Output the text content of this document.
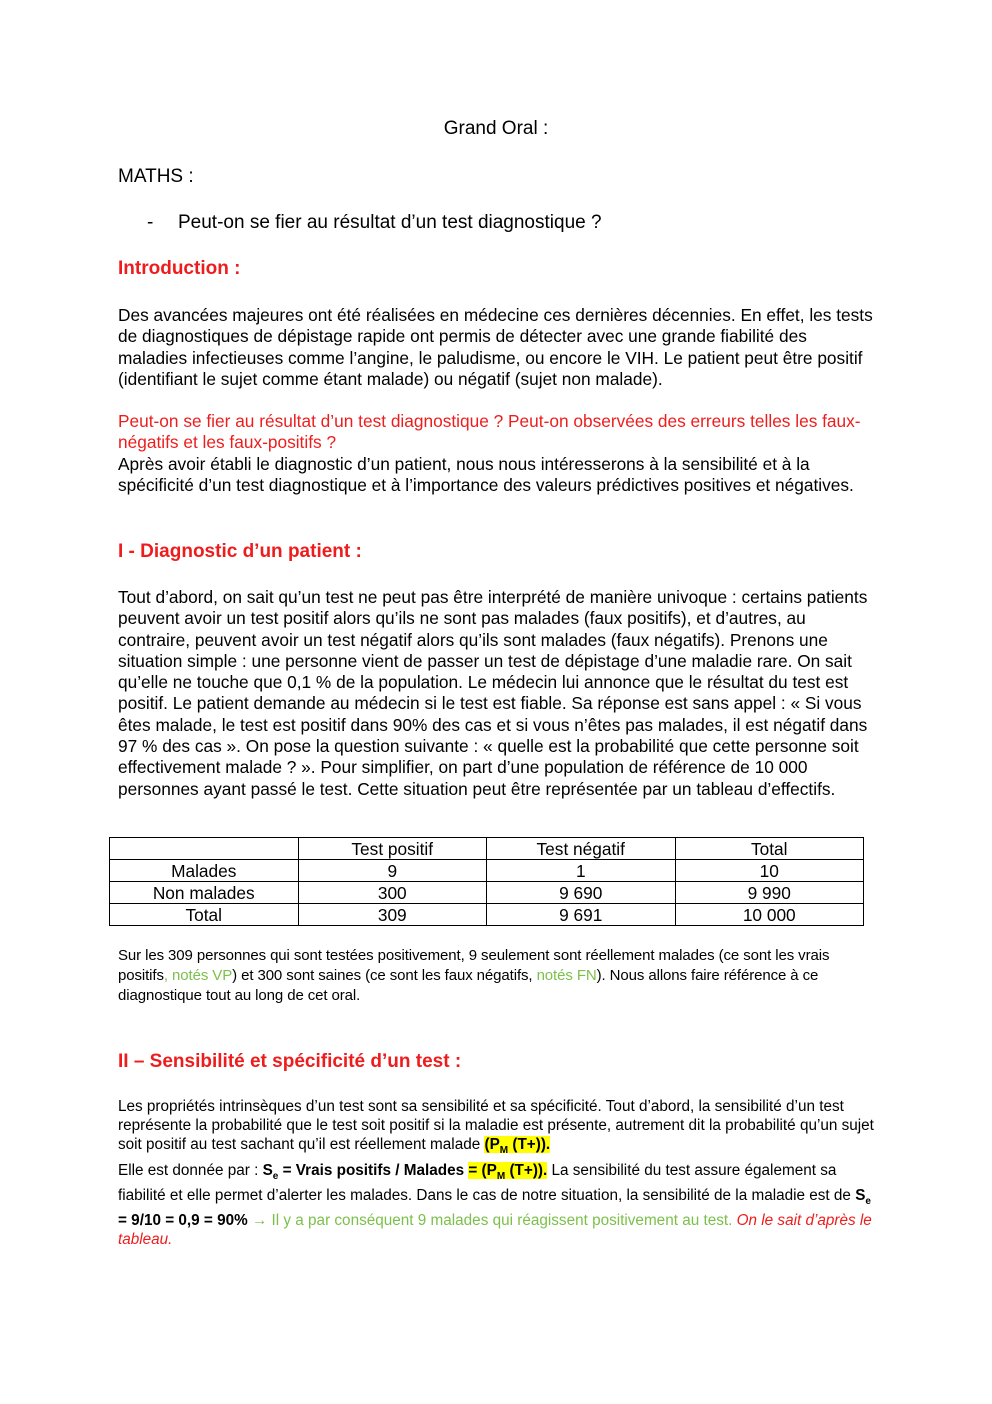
Grand Oral :
MATHS :
- Peut-on se fier au résultat d’un test diagnostique ?
Introduction :

Des avancées majeures ont été réalisées en médecine ces dernières décennies. En effet, les tests de diagnostiques de dépistage rapide ont permis de détecter avec une grande fiabilité des maladies infectieuses comme l’angine, le paludisme, ou encore le VIH. Le patient peut être positif (identifiant le sujet comme étant malade) ou négatif (sujet non malade).

Peut-on se fier au résultat d’un test diagnostique ? Peut-on observées des erreurs telles les faux-négatifs et les faux-positifs ?

Après avoir établi le diagnostic d’un patient, nous nous intéresserons à la sensibilité et à la spécificité d’un test diagnostique et à l’importance des valeurs prédictives positives et négatives.

I - Diagnostic d’un patient :

Tout d’abord, on sait qu’un test ne peut pas être interprété de manière univoque : certains patients peuvent avoir un test positif alors qu’ils ne sont pas malades (faux positifs), et d’autres, au contraire, peuvent avoir un test négatif alors qu’ils sont malades (faux négatifs). Prenons une situation simple : une personne vient de passer un test de dépistage d’une maladie rare. On sait qu’elle ne touche que 0,1 % de la population. Le médecin lui annonce que le résultat du test est positif. Le patient demande au médecin si le test est fiable. Sa réponse est sans appel : « Si vous êtes malade, le test est positif dans 90% des cas et si vous n’êtes pas malades, il est négatif dans 97 % des cas ». On pose la question suivante : « quelle est la probabilité que cette personne soit effectivement malade ? ». Pour simplifier, on part d’une population de référence de 10 000 personnes ayant passé le test. Cette situation peut être représentée par un tableau d’effectifs.

	Test positif	Test négatif	Total
Malades	9	1	10
Non malades	300	9 690	9 990
Total	309	9 691	10 000

Sur les 309 personnes qui sont testées positivement, 9 seulement sont réellement malades (ce sont les vrais positifs, notés VP) et 300 sont saines (ce sont les faux négatifs, notés FN). Nous allons faire référence à ce diagnostique tout au long de cet oral.

II – Sensibilité et spécificité d’un test :

Les propriétés intrinsèques d’un test sont sa sensibilité et sa spécificité. Tout d’abord, la sensibilité d’un test représente la probabilité que le test soit positif si la maladie est présente, autrement dit la probabilité qu’un sujet soit positif au test sachant qu’il est réellement malade ($P_M$ (T+)).
Elle est donnée par : $S_e$ = Vrais positifs / Malades = ($P_M$ (T+)). La sensibilité du test assure également sa fiabilité et elle permet d’alerter les malades. Dans le cas de notre situation, la sensibilité de la maladie est de $S_e = 9/10 = 0,9 = 90\% \to Il$ y a par conséquent 9 malades qui réagissent positivement au test. On le sait d’après le tableau.
